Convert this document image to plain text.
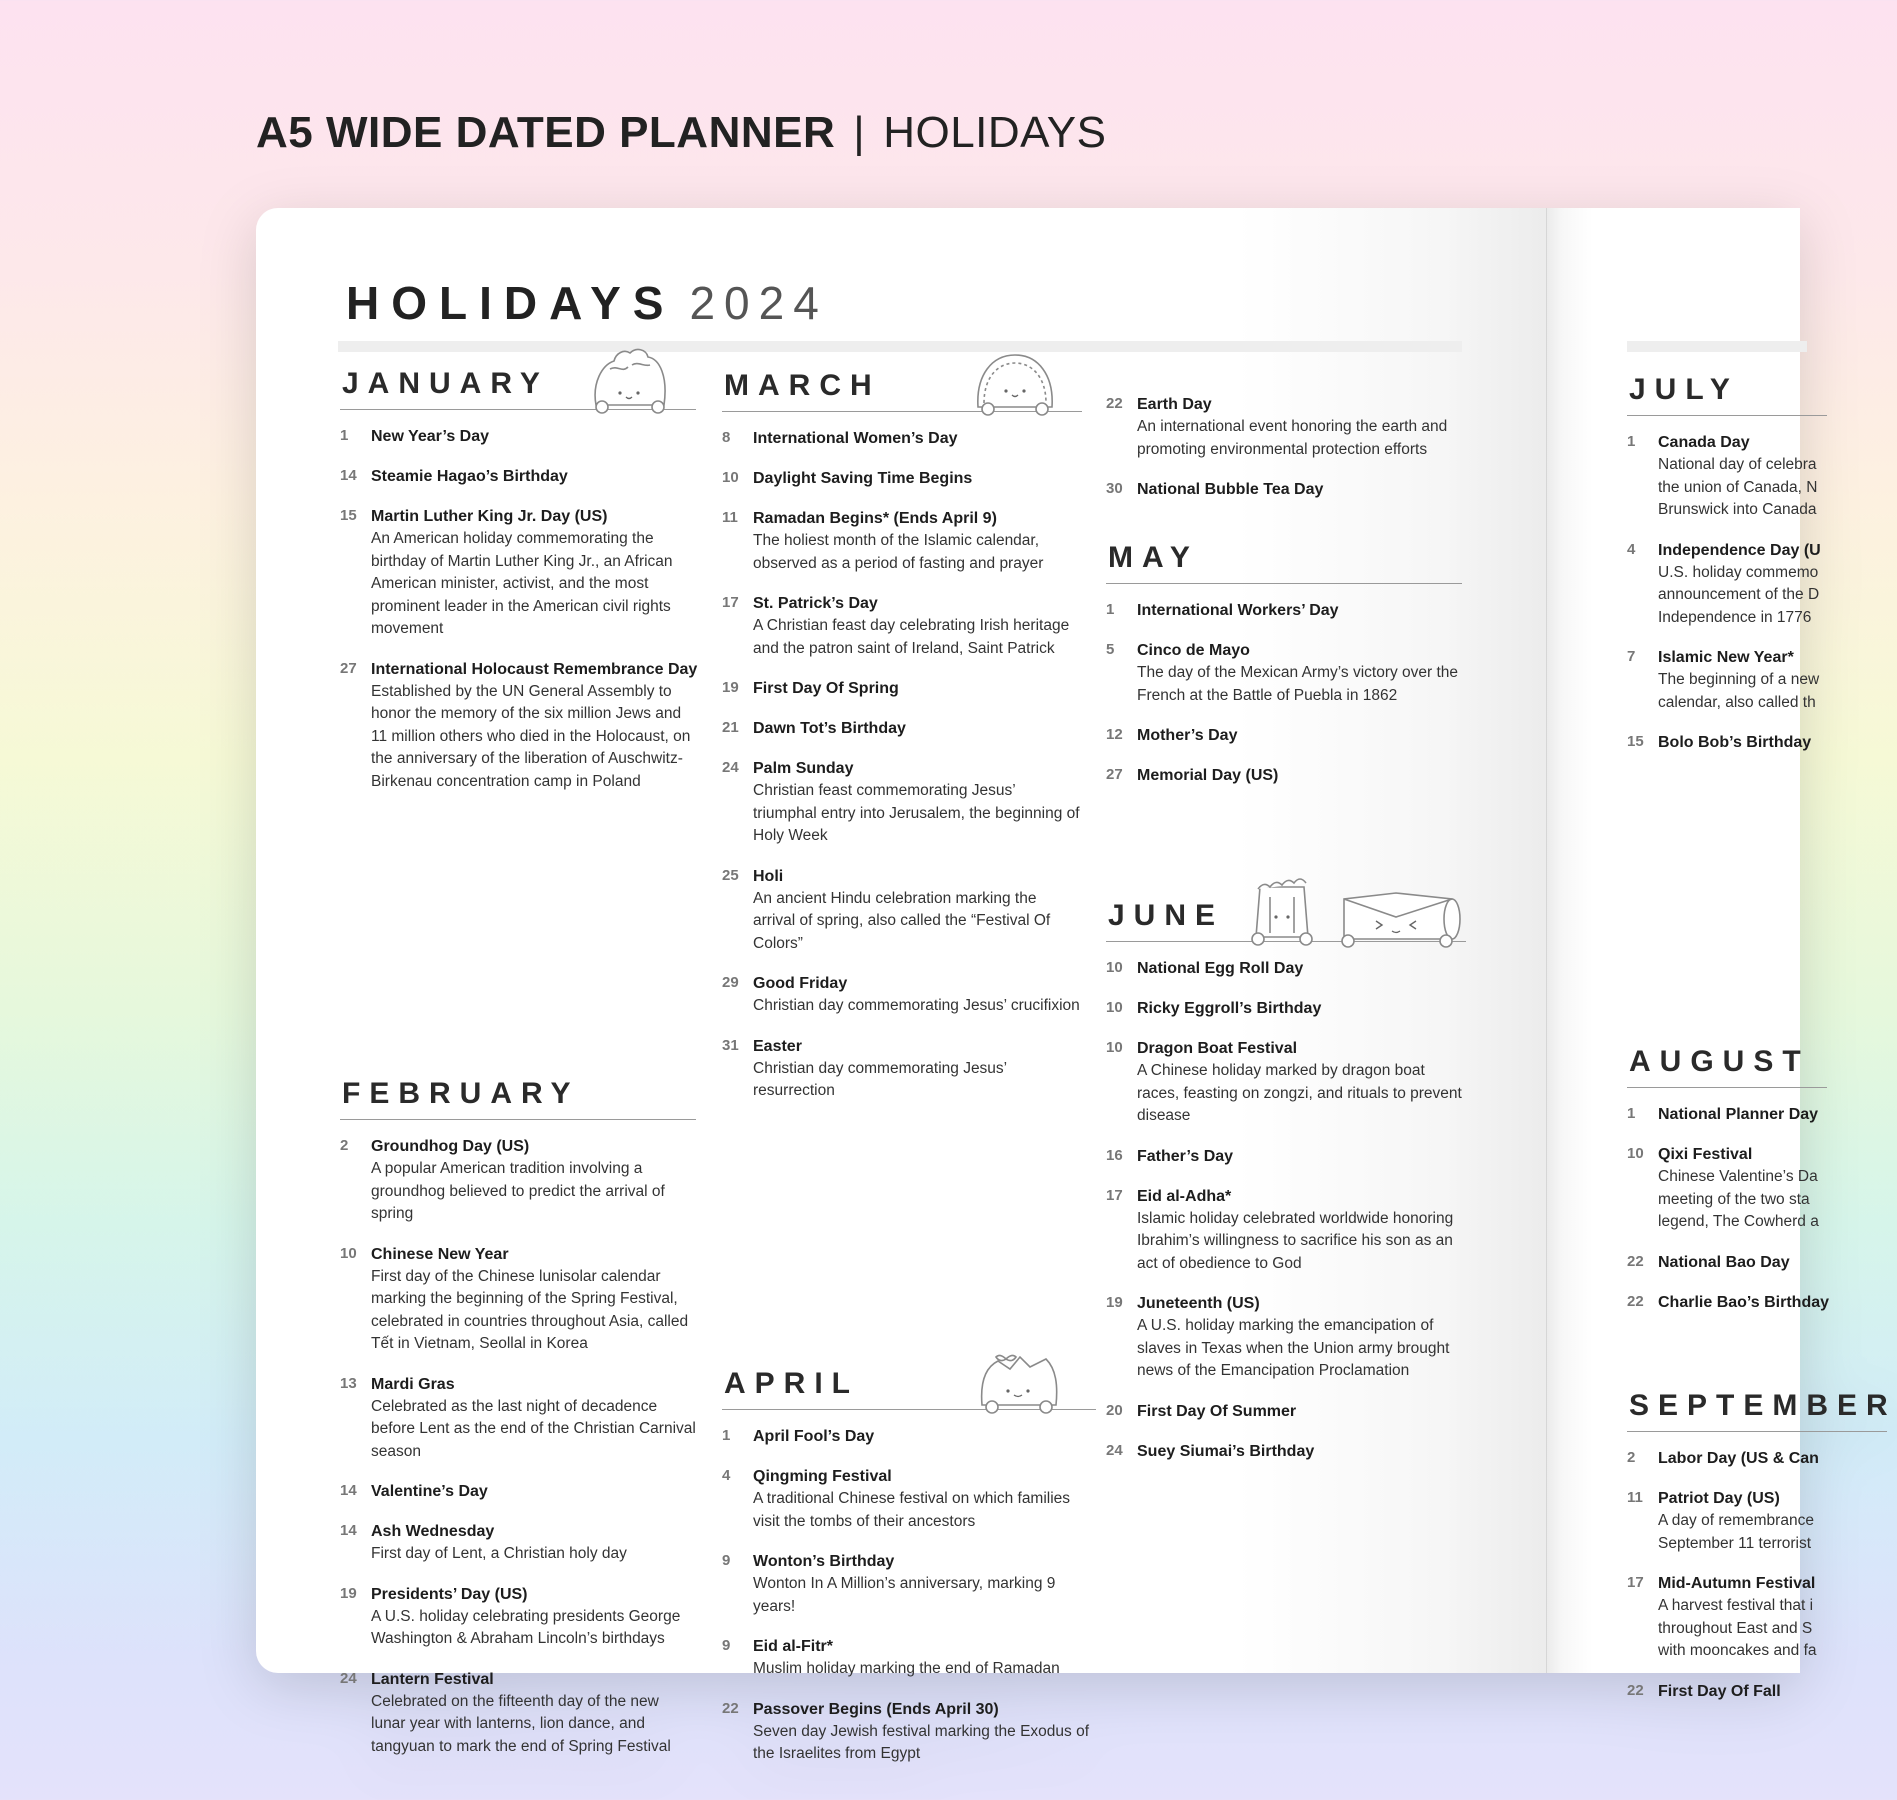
A5 WIDE DATED PLANNER | HOLIDAYS
HOLIDAYS 2024
JANUARY
1	New Year’s Day
14 Steamie Hagao’s Birthday
15 Martin Luther King Jr. Day (US)
An American holiday commemorating the birthday of Martin Luther King Jr., an African American minister, activist, and the most prominent leader in the American civil rights movement
27 International Holocaust Remembrance Day
Established by the UN General Assembly to honor the memory of the six million Jews and 11 million others who died in the Holocaust, on the anniversary of the liberation of Auschwitz-Birkenau concentration camp in Poland
FEBRUARY
2	Groundhog Day (US)
A popular American tradition involving a groundhog believed to predict the arrival of spring
10 Chinese New Year
First day of the Chinese lunisolar calendar marking the beginning of the Spring Festival, celebrated in countries throughout Asia, called Tết in Vietnam, Seollal in Korea
13 Mardi Gras
Celebrated as the last night of decadence before Lent as the end of the Christian Carnival season
14 Valentine’s Day
14 Ash Wednesday
First day of Lent, a Christian holy day
19 Presidents’ Day (US)
A U.S. holiday celebrating presidents George Washington & Abraham Lincoln’s birthdays
24 Lantern Festival
Celebrated on the fifteenth day of the new lunar year with lanterns, lion dance, and tangyuan to mark the end of Spring Festival
MARCH
8	International Women’s Day
10 Daylight Saving Time Begins
11 Ramadan Begins* (Ends April 9)
The holiest month of the Islamic calendar, observed as a period of fasting and prayer
17 St. Patrick’s Day
A Christian feast day celebrating Irish heritage and the patron saint of Ireland, Saint Patrick
19 First Day Of Spring
21 Dawn Tot’s Birthday
24 Palm Sunday
Christian feast commemorating Jesus’ triumphal entry into Jerusalem, the beginning of Holy Week
25 Holi
An ancient Hindu celebration marking the arrival of spring, also called the “Festival Of Colors”
29 Good Friday
Christian day commemorating Jesus’ crucifixion
31 Easter
Christian day commemorating Jesus’ resurrection
APRIL
1	April Fool’s Day
4	Qingming Festival
A traditional Chinese festival on which families visit the tombs of their ancestors
9	Wonton’s Birthday
Wonton In A Million’s anniversary, marking 9 years!
9	Eid al-Fitr*
Muslim holiday marking the end of Ramadan
22 Passover Begins (Ends April 30)
Seven day Jewish festival marking the Exodus of the Israelites from Egypt
22 Earth Day
An international event honoring the earth and promoting environmental protection efforts
30 National Bubble Tea Day
MAY
1	International Workers’ Day
5	Cinco de Mayo
The day of the Mexican Army’s victory over the French at the Battle of Puebla in 1862
12 Mother’s Day
27 Memorial Day (US)
JUNE
10 National Egg Roll Day
10 Ricky Eggroll’s Birthday
10 Dragon Boat Festival
A Chinese holiday marked by dragon boat races, feasting on zongzi, and rituals to prevent disease
16 Father’s Day
17 Eid al-Adha*
Islamic holiday celebrated worldwide honoring Ibrahim’s willingness to sacrifice his son as an act of obedience to God
19 Juneteenth (US)
A U.S. holiday marking the emancipation of slaves in Texas when the Union army brought news of the Emancipation Proclamation
20 First Day Of Summer
24 Suey Siumai’s Birthday
JULY
1	Canada Day
National day of celebra
the union of Canada, N
Brunswick into Canada
4	Independence Day (U
U.S. holiday commemo
announcement of the D
Independence in 1776
7	Islamic New Year*
The beginning of a new
calendar, also called th
15 Bolo Bob’s Birthday
AUGUST
1	National Planner Day
10 Qixi Festival
Chinese Valentine’s Da
meeting of the two sta
legend, The Cowherd a
22 National Bao Day
22 Charlie Bao’s Birthday
SEPTEMBER
2	Labor Day (US & Can
11 Patriot Day (US)
A day of remembrance
September 11 terrorist
17 Mid-Autumn Festival
A harvest festival that i
throughout East and S
with mooncakes and fa
22 First Day Of Fall
